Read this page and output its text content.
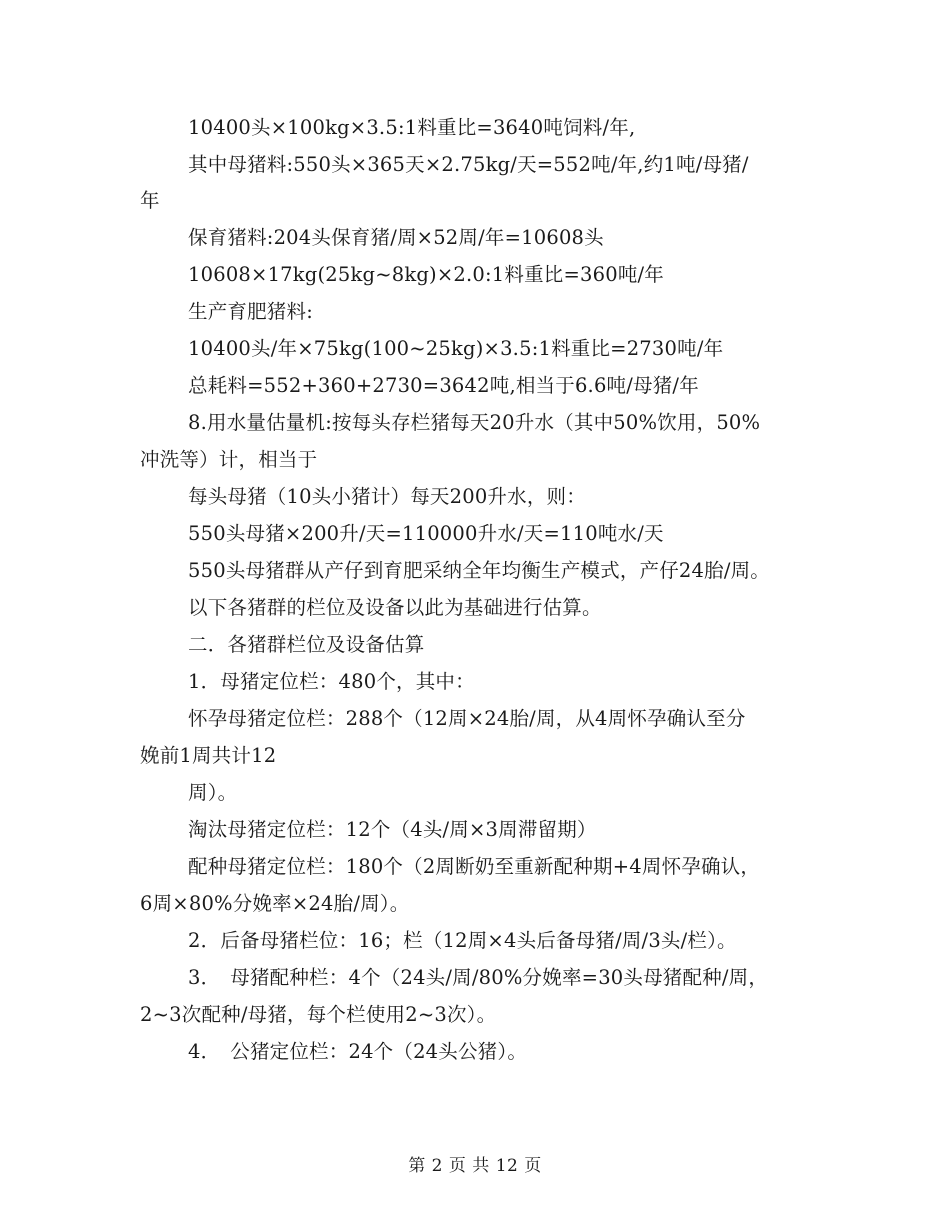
10400头×100kg×3.5:1料重比=3640吨饲料/年,
其中母猪料:550头×365天×2.75kg/天=552吨/年,约1吨/母猪/
年
保育猪料:204头保育猪/周×52周/年=10608头
10608×17kg(25kg~8kg)×2.0:1料重比=360吨/年
生产育肥猪料:
10400头/年×75kg(100~25kg)×3.5:1料重比=2730吨/年
总耗料=552+360+2730=3642吨,相当于6.6吨/母猪/年
8.用水量估量机:按每头存栏猪每天20升水（其中50%饮用，50%
冲洗等）计，相当于
每头母猪（10头小猪计）每天200升水，则：
550头母猪×200升/天=110000升水/天=110吨水/天
550头母猪群从产仔到育肥采纳全年均衡生产模式，产仔24胎/周。
以下各猪群的栏位及设备以此为基础进行估算。
二．各猪群栏位及设备估算
1．母猪定位栏：480个，其中：
怀孕母猪定位栏：288个（12周×24胎/周，从4周怀孕确认至分
娩前1周共计12
周）。
淘汰母猪定位栏：12个（4头/周×3周滞留期）
配种母猪定位栏：180个（2周断奶至重新配种期+4周怀孕确认，
6周×80%分娩率×24胎/周）。
2．后备母猪栏位：16；栏（12周×4头后备母猪/周/3头/栏）。
3．　母猪配种栏：4个（24头/周/80%分娩率=30头母猪配种/周，
2~3次配种/母猪，每个栏使用2~3次）。
4．　公猪定位栏：24个（24头公猪）。
第 2 页 共 12 页
